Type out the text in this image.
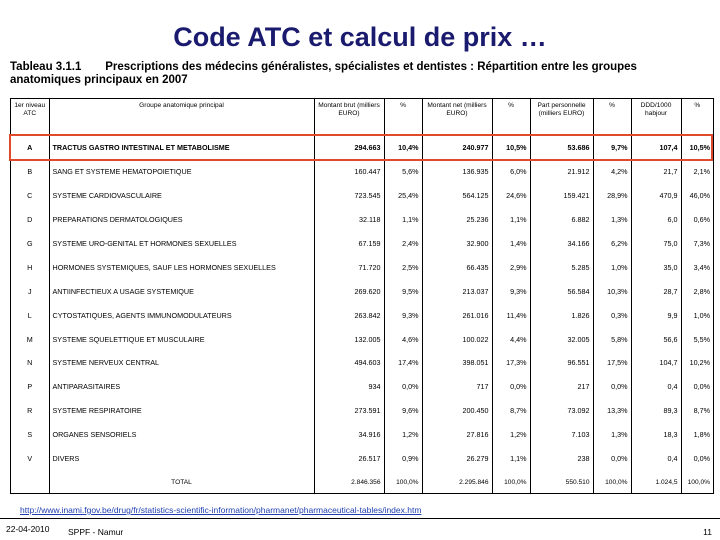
Code ATC et calcul de prix …
Tableau 3.1.1 Prescriptions des médecins généralistes, spécialistes et dentistes : Répartition entre les groupes anatomiques principaux en 2007
1er niveau ATC	Groupe anatomique principal	Montant brut (milliers EURO)	%	Montant net (milliers EURO)	%	Part personnelle (milliers EURO)	%	DDD/1000 habjour	%
A	TRACTUS GASTRO INTESTINAL ET METABOLISME	294.663	10,4%	240.977	10,5%	53.686	9,7%	107,4	10,5%
B	SANG ET SYSTEME HEMATOPOIETIQUE	160.447	5,6%	136.935	6,0%	21.912	4,2%	21,7	2,1%
C	SYSTEME CARDIOVASCULAIRE	723.545	25,4%	564.125	24,6%	159.421	28,9%	470,9	46,0%
D	PREPARATIONS DERMATOLOGIQUES	32.118	1,1%	25.236	1,1%	6.882	1,3%	6,0	0,6%
G	SYSTEME URO-GENITAL ET HORMONES SEXUELLES	67.159	2,4%	32.900	1,4%	34.166	6,2%	75,0	7,3%
H	HORMONES SYSTEMIQUES, SAUF LES HORMONES SEXUELLES	71.720	2,5%	66.435	2,9%	5.285	1,0%	35,0	3,4%
J	ANTIINFECTIEUX A USAGE SYSTEMIQUE	269.620	9,5%	213.037	9,3%	56.584	10,3%	28,7	2,8%
L	CYTOSTATIQUES, AGENTS IMMUNOMODULATEURS	263.842	9,3%	261.016	11,4%	1.826	0,3%	9,9	1,0%
M	SYSTEME SQUELETTIQUE ET MUSCULAIRE	132.005	4,6%	100.022	4,4%	32.005	5,8%	56,6	5,5%
N	SYSTEME NERVEUX CENTRAL	494.603	17,4%	398.051	17,3%	96.551	17,5%	104,7	10,2%
P	ANTIPARASITAIRES	934	0,0%	717	0,0%	217	0,0%	0,4	0,0%
R	SYSTEME RESPIRATOIRE	273.591	9,6%	200.450	8,7%	73.092	13,3%	89,3	8,7%
S	ORGANES SENSORIELS	34.916	1,2%	27.816	1,2%	7.103	1,3%	18,3	1,8%
V	DIVERS	26.517	0,9%	26.279	1,1%	238	0,0%	0,4	0,0%
	TOTAL	2.846.356	100,0%	2.295.846	100,0%	550.510	100,0%	1.024,5	100,0%
http://www.inami.fgov.be/drug/fr/statistics-scientific-information/pharmanet/pharmaceutical-tables/index.htm
22-04-2010 SPPF - Namur	11
